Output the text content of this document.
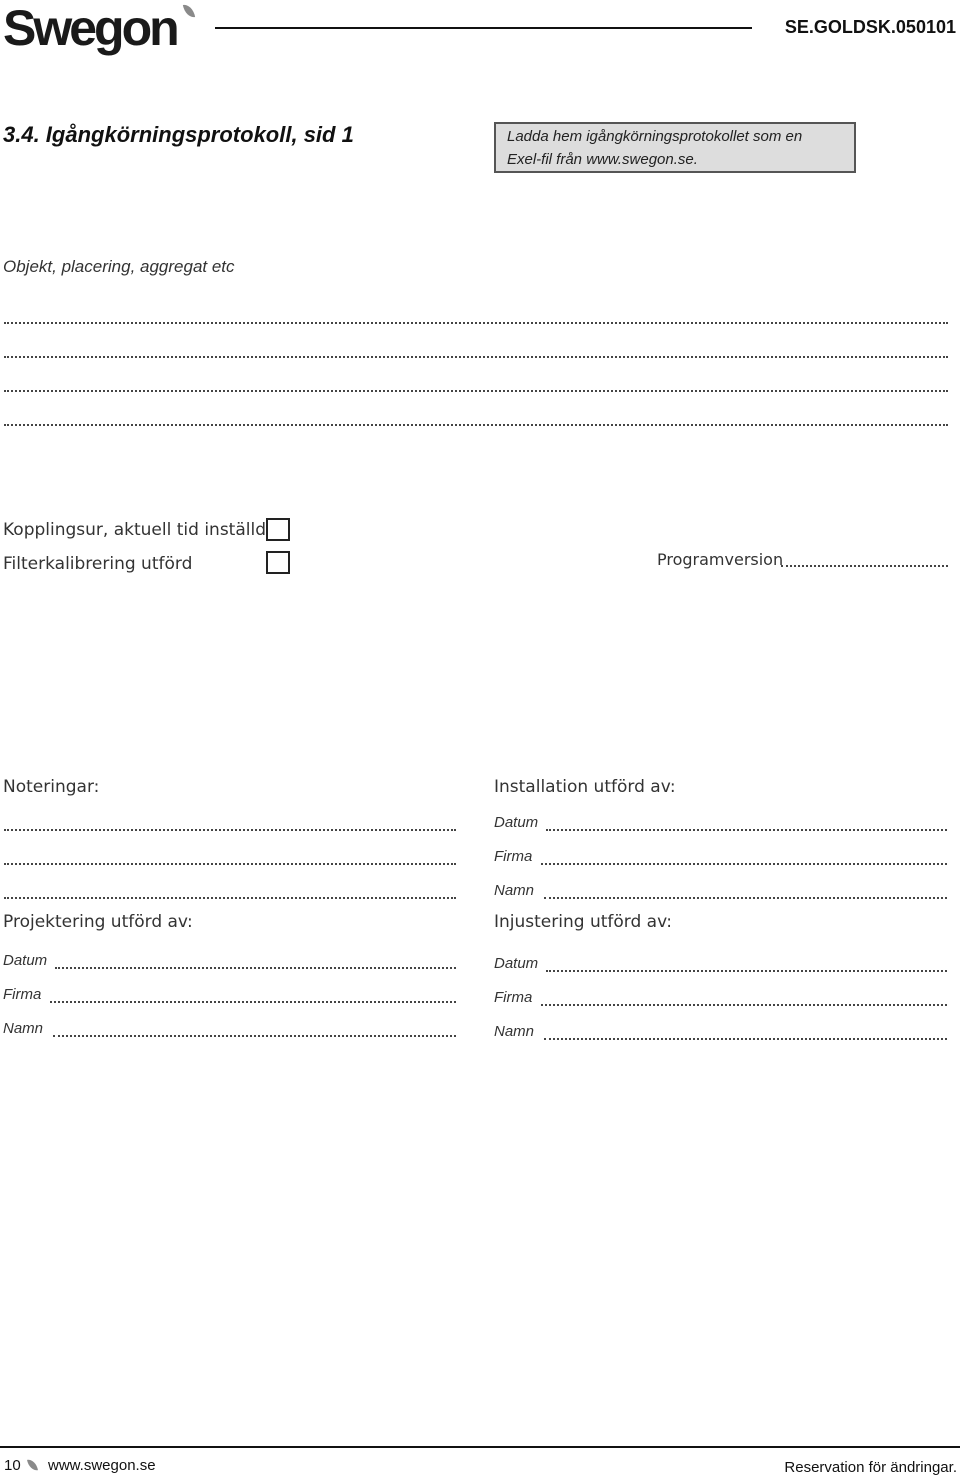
Swegon	SE.GOLDSK.050101
3.4. Igångkörningsprotokoll, sid 1	Ladda hem igångkörningsprotokollet som en
Exel-fil från www.swegon.se.
Objekt, placering, aggregat etc
Kopplingsur, aktuell tid inställd
Filterkalibrering utförd	Programversion
Noteringar:	Installation utförd av:
Datum
Firma
Namn
Projektering utförd av:
Datum
Firma
Namn
Injustering utförd av:
Datum
Firma
Namn
10 www.swegon.se	Reservation för ändringar.
